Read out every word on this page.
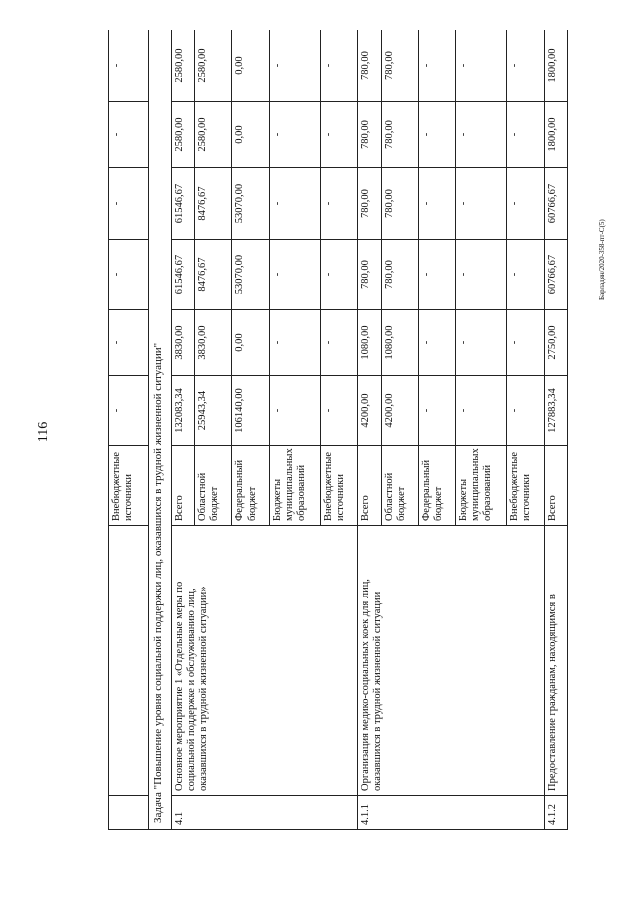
116
Барладян/2020-358-пт-С(5)
		Внебюджетные источники	-	-	-	-	-	-
Задача "Повышение уровня социальной поддержки лиц, оказавшихся в трудной жизненной ситуации"								
4.1	Основное мероприятие 1 «Отдельные меры по социальной поддержке и обслуживанию лиц, оказавшихся в трудной жизненной ситуации»	Всего	132083,34	3830,00	61546,67	61546,67	2580,00	2580,00
		Областной бюджет	25943,34	3830,00	8476,67	8476,67	2580,00	2580,00
		Федеральный бюджет	106140,00	0,00	53070,00	53070,00	0,00	0,00
		Бюджеты муниципальных образований	-	-	-	-	-	-
		Внебюджетные источники	-	-	-	-	-	-
4.1.1	Организация медико-социальных коек для лиц, оказавшихся в трудной жизненной ситуации	Всего	4200,00	1080,00	780,00	780,00	780,00	780,00
		Областной бюджет	4200,00	1080,00	780,00	780,00	780,00	780,00
		Федеральный бюджет	-	-	-	-	-	-
		Бюджеты муниципальных образований	-	-	-	-	-	-
		Внебюджетные источники	-	-	-	-	-	-
4.1.2	Предоставление гражданам, находящимся в	Всего	127883,34	2750,00	60766,67	60766,67	1800,00	1800,00
